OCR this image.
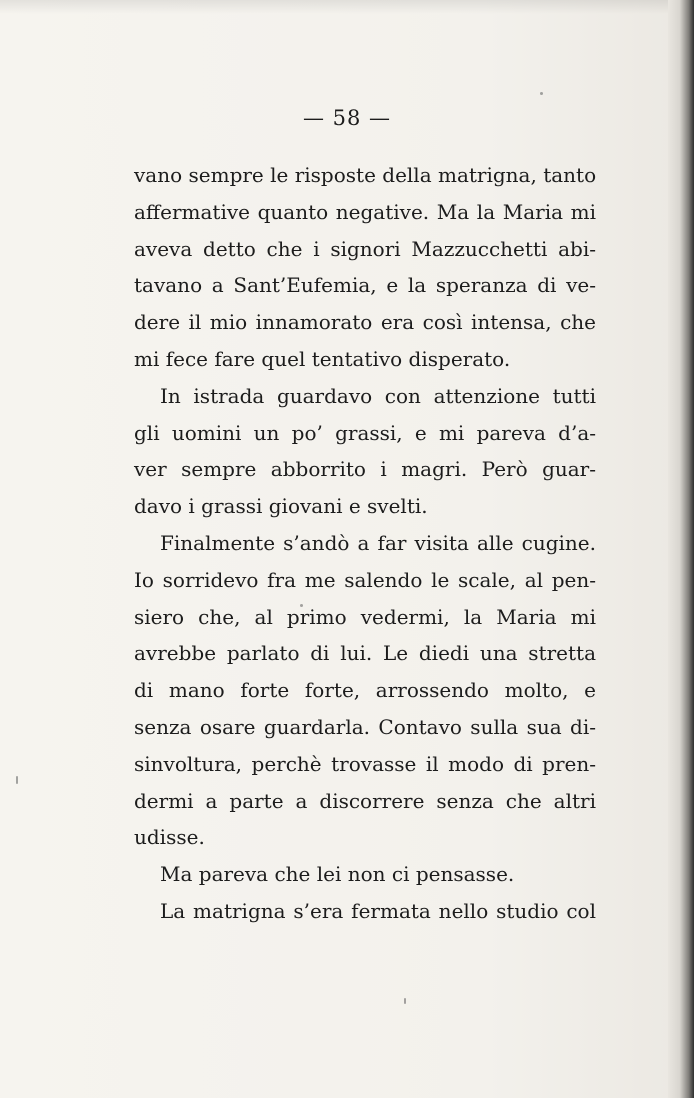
— 58 —
vano sempre le risposte della matrigna, tanto
affermative quanto negative. Ma la Maria mi
aveva detto che i signori Mazzucchetti abi-
tavano a Sant’Eufemia, e la speranza di ve-
dere il mio innamorato era così intensa, che
mi fece fare quel tentativo disperato.
In istrada guardavo con attenzione tutti
gli uomini un po’ grassi, e mi pareva d’a-
ver sempre abborrito i magri. Però guar-
davo i grassi giovani e svelti.
Finalmente s’andò a far visita alle cugine.
Io sorridevo fra me salendo le scale, al pen-
siero che, al primo vedermi, la Maria mi
avrebbe parlato di lui. Le diedi una stretta
di mano forte forte, arrossendo molto, e
senza osare guardarla. Contavo sulla sua di-
sinvoltura, perchè trovasse il modo di pren-
dermi a parte a discorrere senza che altri
udisse.
Ma pareva che lei non ci pensasse.
La matrigna s’era fermata nello studio col
